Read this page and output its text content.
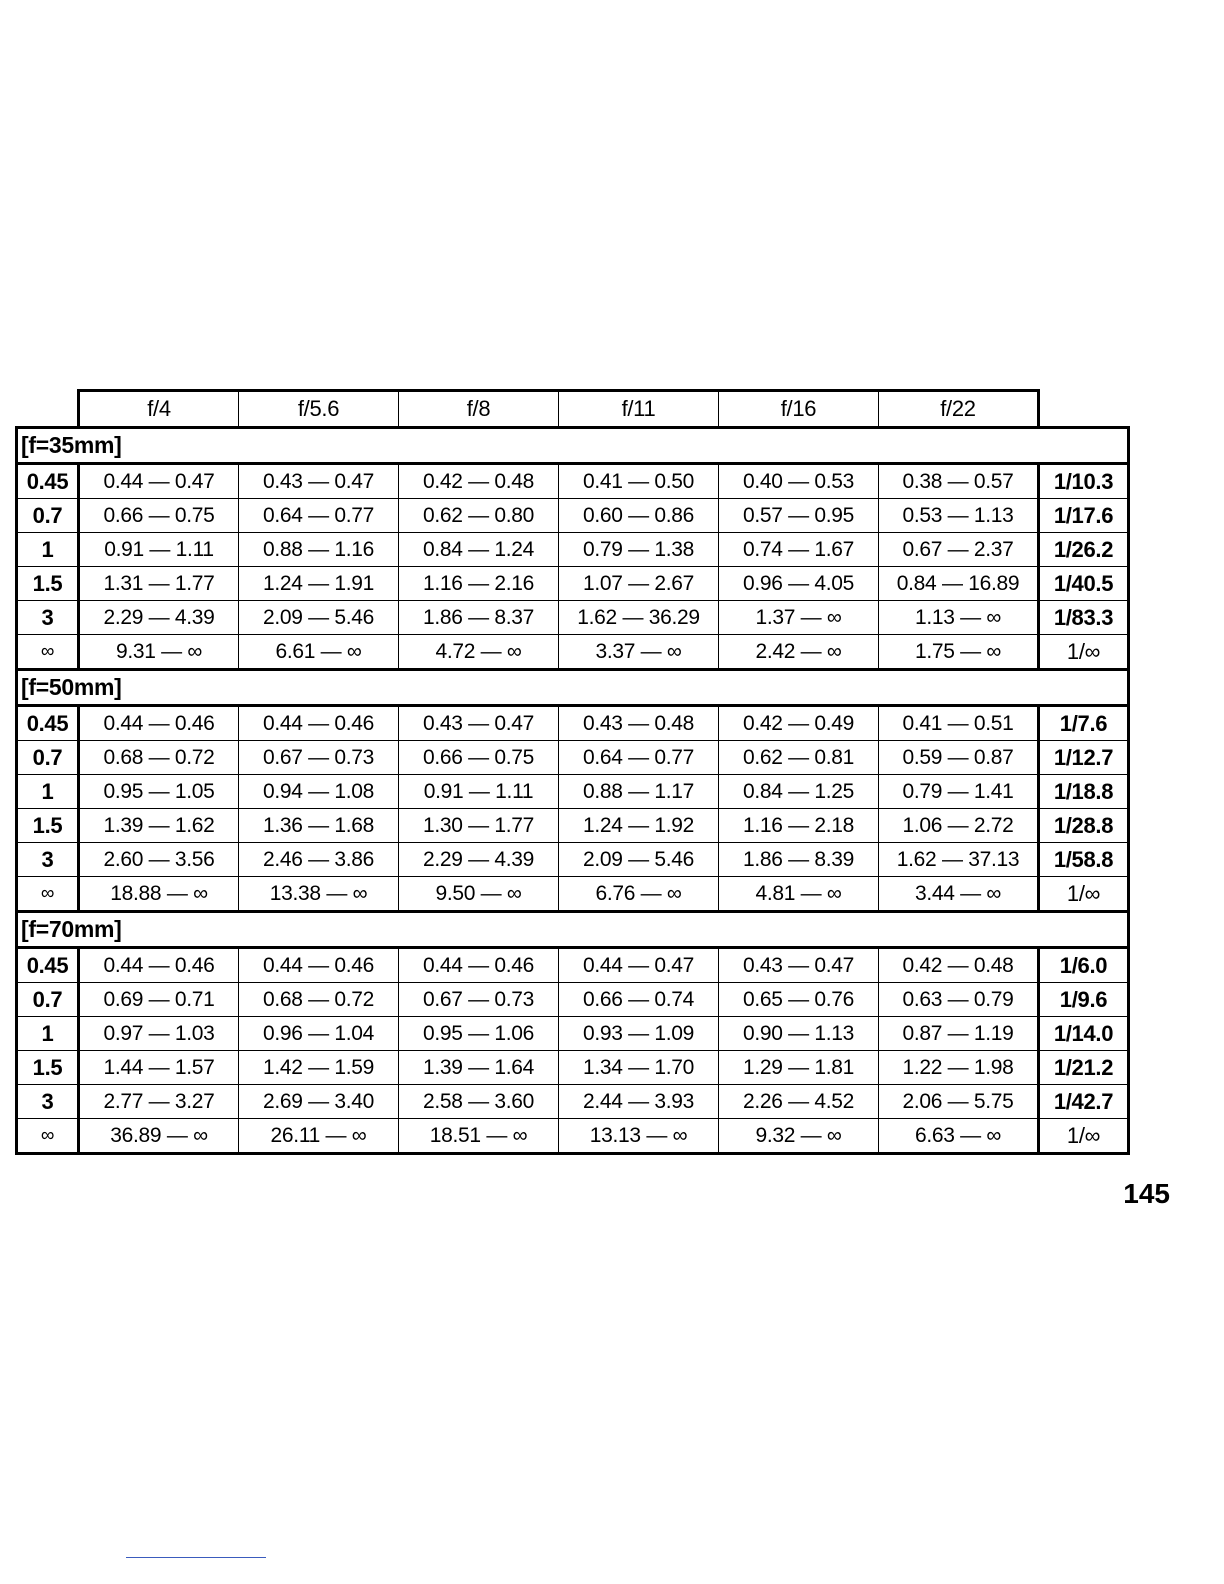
	f/4	f/5.6	f/8	f/11	f/16	f/22	
[f=35mm]							
0.45	0.44 — 0.47	0.43 — 0.47	0.42 — 0.48	0.41 — 0.50	0.40 — 0.53	0.38 — 0.57	1/10.3
0.7	0.66 — 0.75	0.64 — 0.77	0.62 — 0.80	0.60 — 0.86	0.57 — 0.95	0.53 — 1.13	1/17.6
1	0.91 — 1.11	0.88 — 1.16	0.84 — 1.24	0.79 — 1.38	0.74 — 1.67	0.67 — 2.37	1/26.2
1.5	1.31 — 1.77	1.24 — 1.91	1.16 — 2.16	1.07 — 2.67	0.96 — 4.05	0.84 — 16.89	1/40.5
3	2.29 — 4.39	2.09 — 5.46	1.86 — 8.37	1.62 — 36.29	1.37 — ∞	1.13 — ∞	1/83.3
∞	9.31 — ∞	6.61 — ∞	4.72 — ∞	3.37 — ∞	2.42 — ∞	1.75 — ∞	1/∞
[f=50mm]							
0.45	0.44 — 0.46	0.44 — 0.46	0.43 — 0.47	0.43 — 0.48	0.42 — 0.49	0.41 — 0.51	1/7.6
0.7	0.68 — 0.72	0.67 — 0.73	0.66 — 0.75	0.64 — 0.77	0.62 — 0.81	0.59 — 0.87	1/12.7
1	0.95 — 1.05	0.94 — 1.08	0.91 — 1.11	0.88 — 1.17	0.84 — 1.25	0.79 — 1.41	1/18.8
1.5	1.39 — 1.62	1.36 — 1.68	1.30 — 1.77	1.24 — 1.92	1.16 — 2.18	1.06 — 2.72	1/28.8
3	2.60 — 3.56	2.46 — 3.86	2.29 — 4.39	2.09 — 5.46	1.86 — 8.39	1.62 — 37.13	1/58.8
∞	18.88 — ∞	13.38 — ∞	9.50 — ∞	6.76 — ∞	4.81 — ∞	3.44 — ∞	1/∞
[f=70mm]							
0.45	0.44 — 0.46	0.44 — 0.46	0.44 — 0.46	0.44 — 0.47	0.43 — 0.47	0.42 — 0.48	1/6.0
0.7	0.69 — 0.71	0.68 — 0.72	0.67 — 0.73	0.66 — 0.74	0.65 — 0.76	0.63 — 0.79	1/9.6
1	0.97 — 1.03	0.96 — 1.04	0.95 — 1.06	0.93 — 1.09	0.90 — 1.13	0.87 — 1.19	1/14.0
1.5	1.44 — 1.57	1.42 — 1.59	1.39 — 1.64	1.34 — 1.70	1.29 — 1.81	1.22 — 1.98	1/21.2
3	2.77 — 3.27	2.69 — 3.40	2.58 — 3.60	2.44 — 3.93	2.26 — 4.52	2.06 — 5.75	1/42.7
∞	36.89 — ∞	26.11 — ∞	18.51 — ∞	13.13 — ∞	9.32 — ∞	6.63 — ∞	1/∞
145
